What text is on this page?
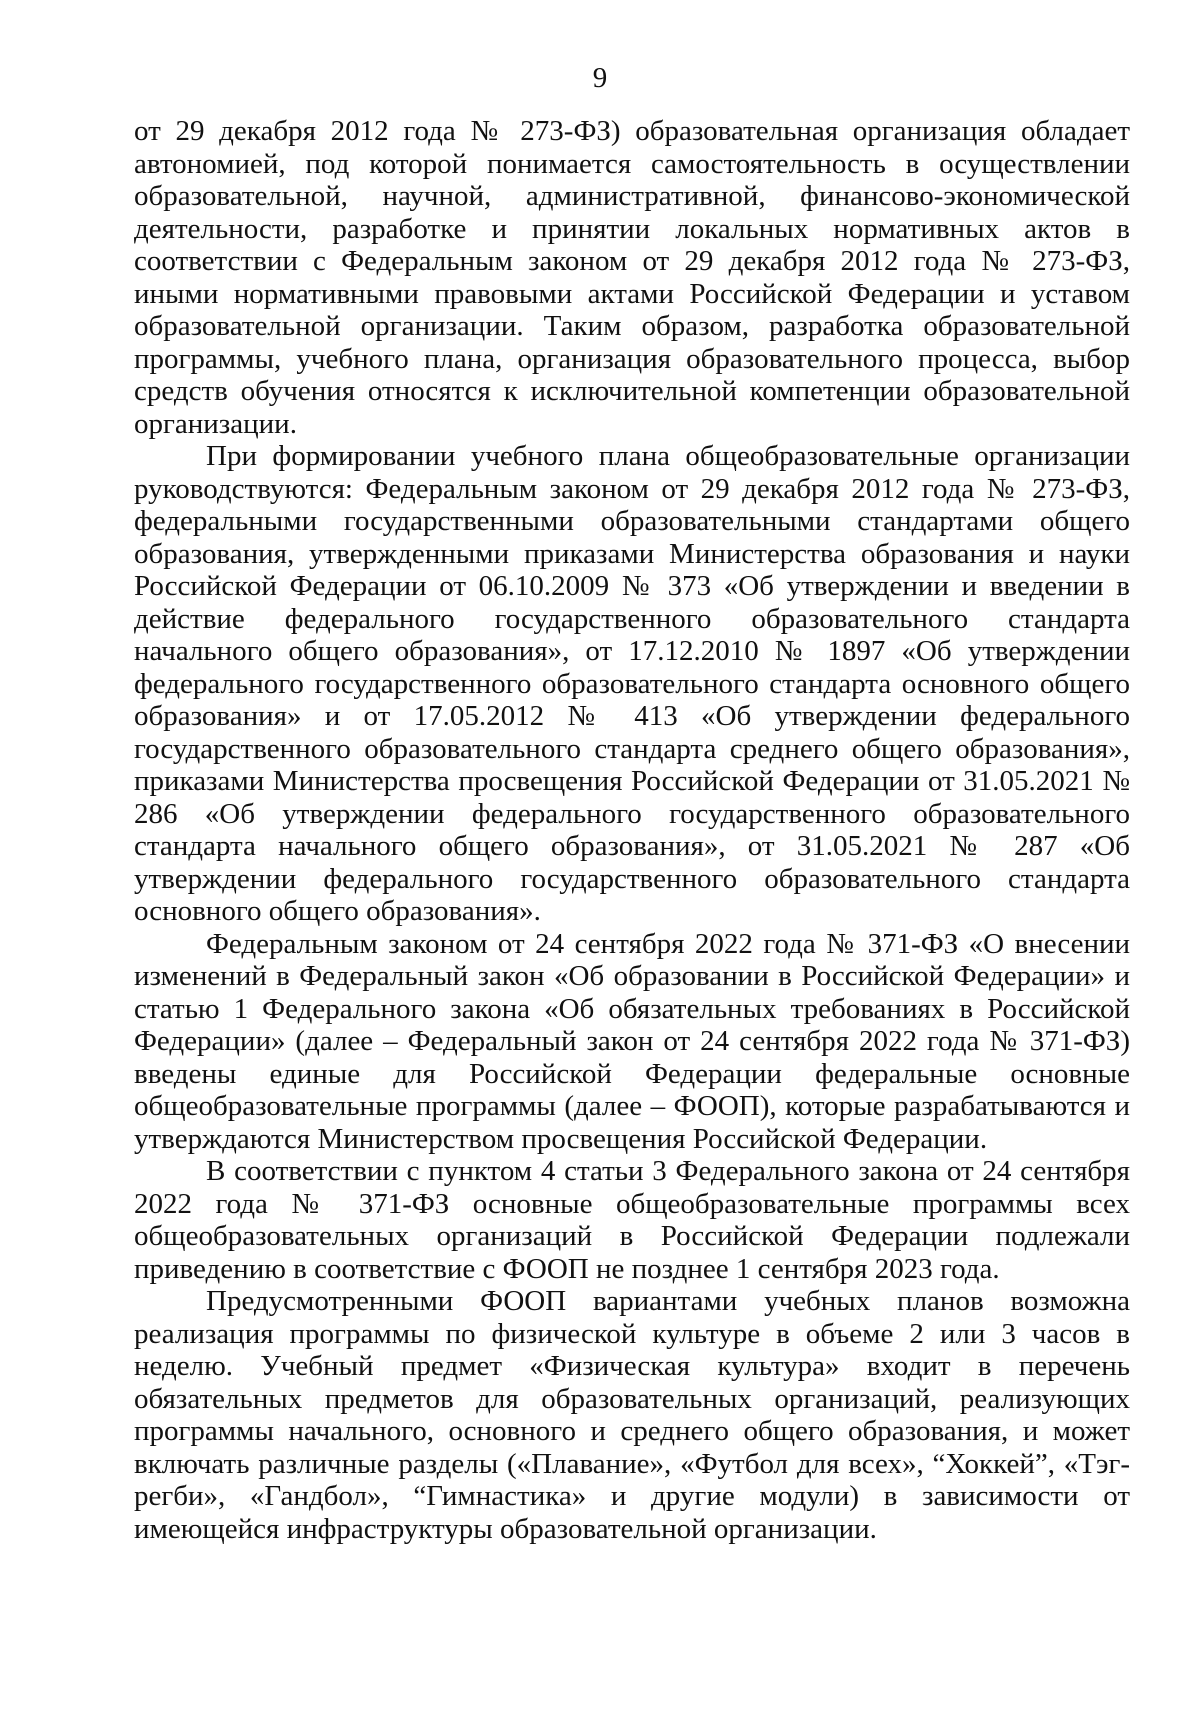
9

от 29 декабря 2012 года № 273-ФЗ) образовательная организация обладает автономией, под которой понимается самостоятельность в осуществлении образовательной, научной, административной, финансово-экономической деятельности, разработке и принятии локальных нормативных актов в соответствии с Федеральным законом от 29 декабря 2012 года № 273-ФЗ, иными нормативными правовыми актами Российской Федерации и уставом образовательной организации. Таким образом, разработка образовательной программы, учебного плана, организация образовательного процесса, выбор средств обучения относятся к исключительной компетенции образовательной организации.

При формировании учебного плана общеобразовательные организации руководствуются: Федеральным законом от 29 декабря 2012 года № 273-ФЗ, федеральными государственными образовательными стандартами общего образования, утвержденными приказами Министерства образования и науки Российской Федерации от 06.10.2009 № 373 «Об утверждении и введении в действие федерального государственного образовательного стандарта начального общего образования», от 17.12.2010 № 1897 «Об утверждении федерального государственного образовательного стандарта основного общего образования» и от 17.05.2012 № 413 «Об утверждении федерального государственного образовательного стандарта среднего общего образования», приказами Министерства просвещения Российской Федерации от 31.05.2021 № 286 «Об утверждении федерального государственного образовательного стандарта начального общего образования», от 31.05.2021 № 287 «Об утверждении федерального государственного образовательного стандарта основного общего образования».

Федеральным законом от 24 сентября 2022 года № 371-ФЗ «О внесении изменений в Федеральный закон «Об образовании в Российской Федерации» и статью 1 Федерального закона «Об обязательных требованиях в Российской Федерации» (далее – Федеральный закон от 24 сентября 2022 года № 371-ФЗ) введены единые для Российской Федерации федеральные основные общеобразовательные программы (далее – ФООП), которые разрабатываются и утверждаются Министерством просвещения Российской Федерации.

В соответствии с пунктом 4 статьи 3 Федерального закона от 24 сентября 2022 года № 371-ФЗ основные общеобразовательные программы всех общеобразовательных организаций в Российской Федерации подлежали приведению в соответствие с ФООП не позднее 1 сентября 2023 года.

Предусмотренными ФООП вариантами учебных планов возможна реализация программы по физической культуре в объеме 2 или 3 часов в неделю. Учебный предмет «Физическая культура» входит в перечень обязательных предметов для образовательных организаций, реализующих программы начального, основного и среднего общего образования, и может включать различные разделы («Плавание», «Футбол для всех», “Хоккей”, «Тэг-регби», «Гандбол», “Гимнастика» и другие модули) в зависимости от имеющейся инфраструктуры образовательной организации.
